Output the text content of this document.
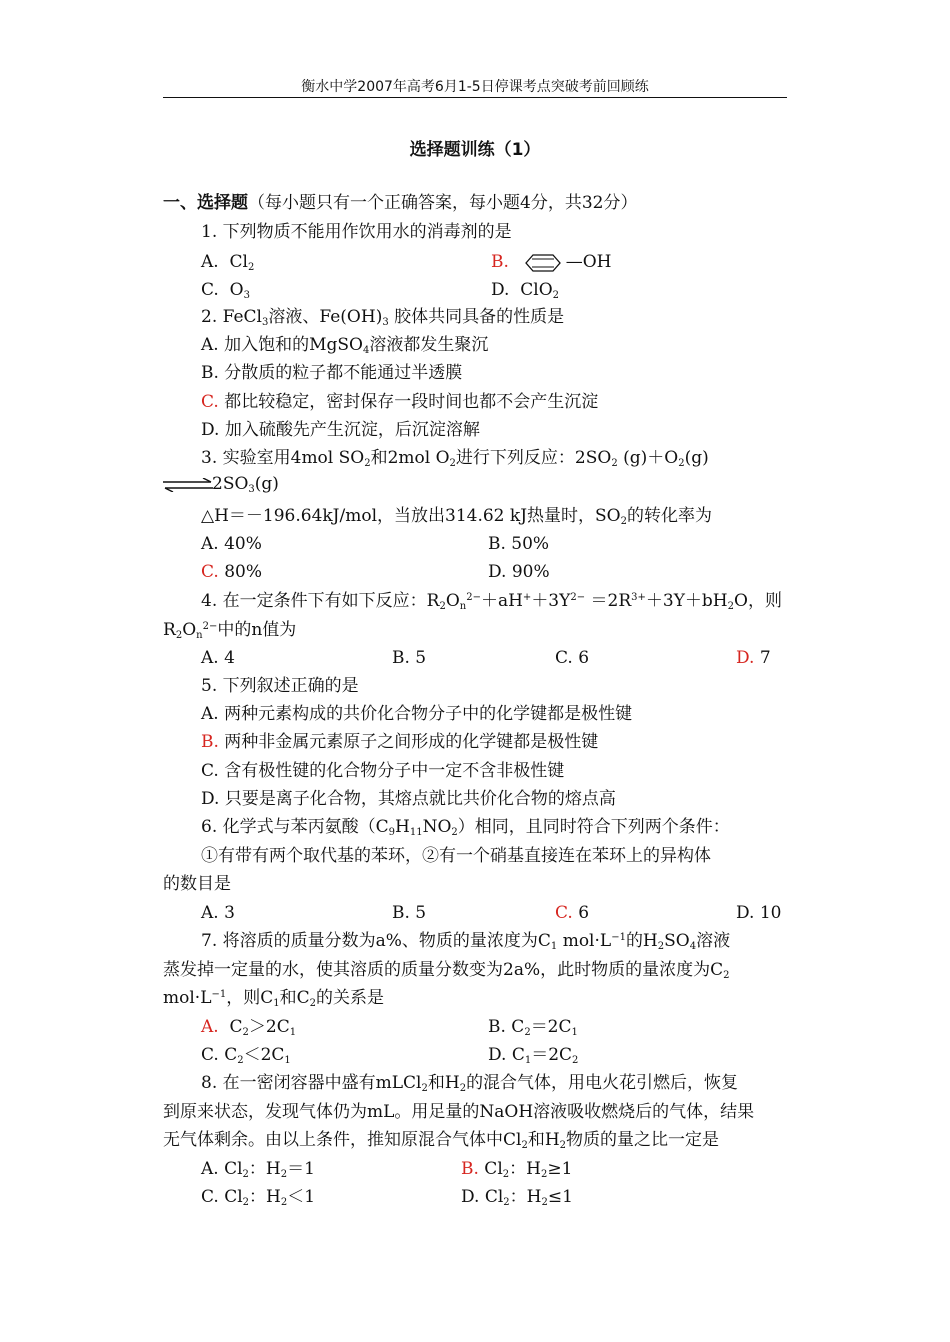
衡水中学2007年高考6月1-5日停课考点突破考前回顾练
选择题训练（1）
一、选择题（每小题只有一个正确答案，每小题4分，共32分）
1. 下列物质不能用作饮用水的消毒剂的是
A. $Cl_2$	B.	—OH
C. $O_3$	D. ClO$_2$
2. FeCl$_3$溶液、$Fe(OH)_3$ 胶体共同具备的性质是
A. 加入饱和的MgSO$_4$溶液都发生聚沉
B. 分散质的粒子都不能通过半透膜
C. 都比较稳定，密封保存一段时间也都不会产生沉淀
D. 加入硫酸先产生沉淀，后沉淀溶解
3. 实验室用4mol $SO_2$和2mol $O_2$进行下列反应：$2SO_2$ $(g)+O_2(g)$
⇌ $2SO_3(g)$
△H＝－196.64kJ/mol，当放出314.62 kJ热量时，$SO_2$的转化率为
A. 40%	B. 50%
C. 80%	D. 90%
4. 在一定条件下有如下反应：$R_2O_n^{2-}+aH^++3Y^{2-} =2R^{3+}+3Y+bH_2O$，则
$R_2O_n^{2-}$中的n值为
A. 4	B. 5	C. 6	D. 7
5. 下列叙述正确的是
A. 两种元素构成的共价化合物分子中的化学键都是极性键
B. 两种非金属元素原子之间形成的化学键都是极性键
C. 含有极性键的化合物分子中一定不含非极性键
D. 只要是离子化合物，其熔点就比共价化合物的熔点高
6. 化学式与苯丙氨酸$(C_9H_{11}NO_2)$相同，且同时符合下列两个条件：
①有带有两个取代基的苯环，②有一个硝基直接连在苯环上的异构体
的数目是
A. 3	B. 5	C. 6	D. 10
7. 将溶质的质量分数为a%、物质的量浓度为$C_1$ $mol\cdot L^{-1}$的$H_2SO_4$溶液
蒸发掉一定量的水，使其溶质的质量分数变为2a%，此时物质的量浓度为$C_2$
$mol\cdot L^{-1}$，则$C_1$和$C_2$的关系是
A. $C_2>2C_1$	B. $C_2=2C_1$
C. $C_2<2C_1$	D. $C_1=2C_2$
8. 在一密闭容器中盛有mLCl$_2$和$H_2$的混合气体，用电火花引燃后，恢复
到原来状态，发现气体仍为mL。用足量的NaOH溶液吸收燃烧后的气体，结果
无气体剩余。由以上条件，推知原混合气体中$Cl_2$和$H_2$物质的量之比一定是
A. $Cl_2$：$H_2=1$	B. $Cl_2$：$H_2\ge 1$
C. $Cl_2$：$H_2<1$	D. $Cl_2$：$H_2\le 1$
